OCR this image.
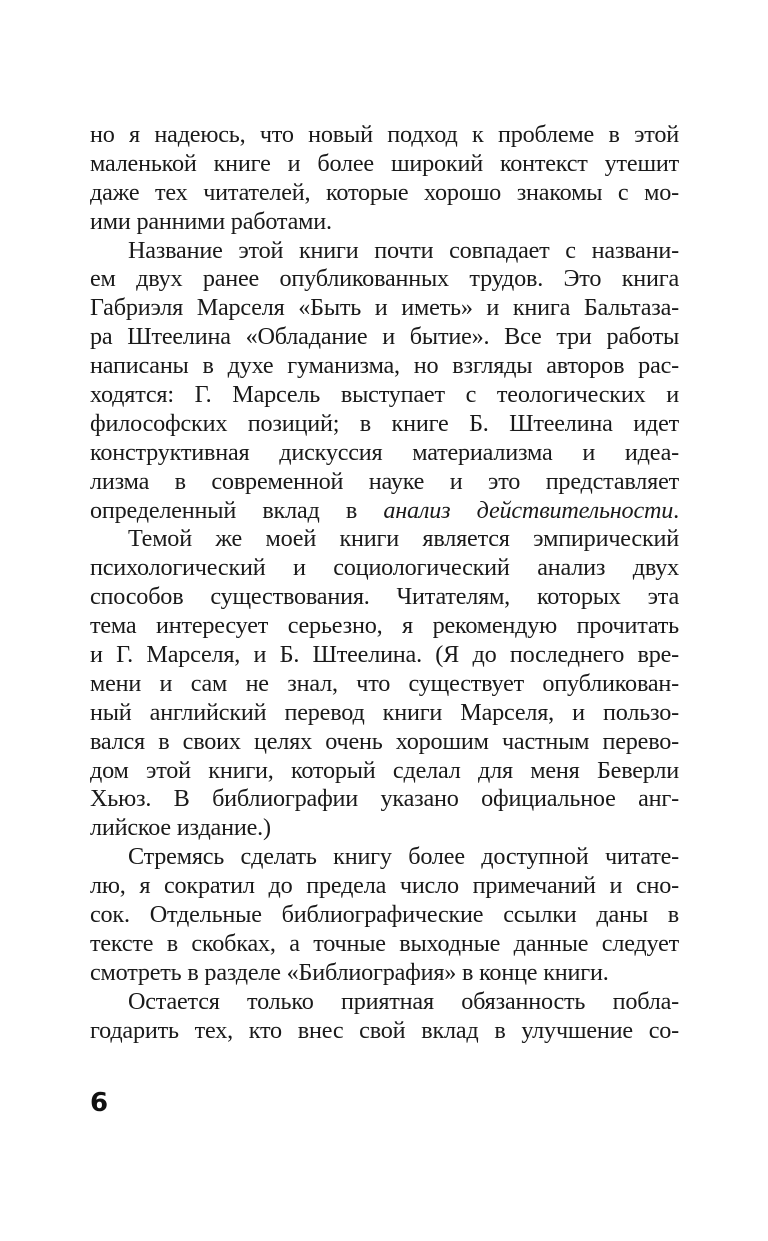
но я надеюсь, что новый подход к проблеме в этой
маленькой книге и более широкий контекст утешит
даже тех читателей, которые хорошо знакомы с мо-
ими ранними работами.
Название этой книги почти совпадает с названи-
ем двух ранее опубликованных трудов. Это книга
Габриэля Марселя «Быть и иметь» и книга Бальтаза-
ра Штеелина «Обладание и бытие». Все три работы
написаны в духе гуманизма, но взгляды авторов рас-
ходятся: Г. Марсель выступает с теологических и
философских позиций; в книге Б. Штеелина идет
конструктивная дискуссия материализма и идеа-
лизма в современной науке и это представляет
определенный вклад в анализ действительности.
Темой же моей книги является эмпирический
психологический и социологический анализ двух
способов существования. Читателям, которых эта
тема интересует серьезно, я рекомендую прочитать
и Г. Марселя, и Б. Штеелина. (Я до последнего вре-
мени и сам не знал, что существует опубликован-
ный английский перевод книги Марселя, и пользо-
вался в своих целях очень хорошим частным перево-
дом этой книги, который сделал для меня Беверли
Хьюз. В библиографии указано официальное анг-
лийское издание.)
Стремясь сделать книгу более доступной читате-
лю, я сократил до предела число примечаний и сно-
сок. Отдельные библиографические ссылки даны в
тексте в скобках, а точные выходные данные следует
смотреть в разделе «Библиография» в конце книги.
Остается только приятная обязанность побла-
годарить тех, кто внес свой вклад в улучшение со-
6
